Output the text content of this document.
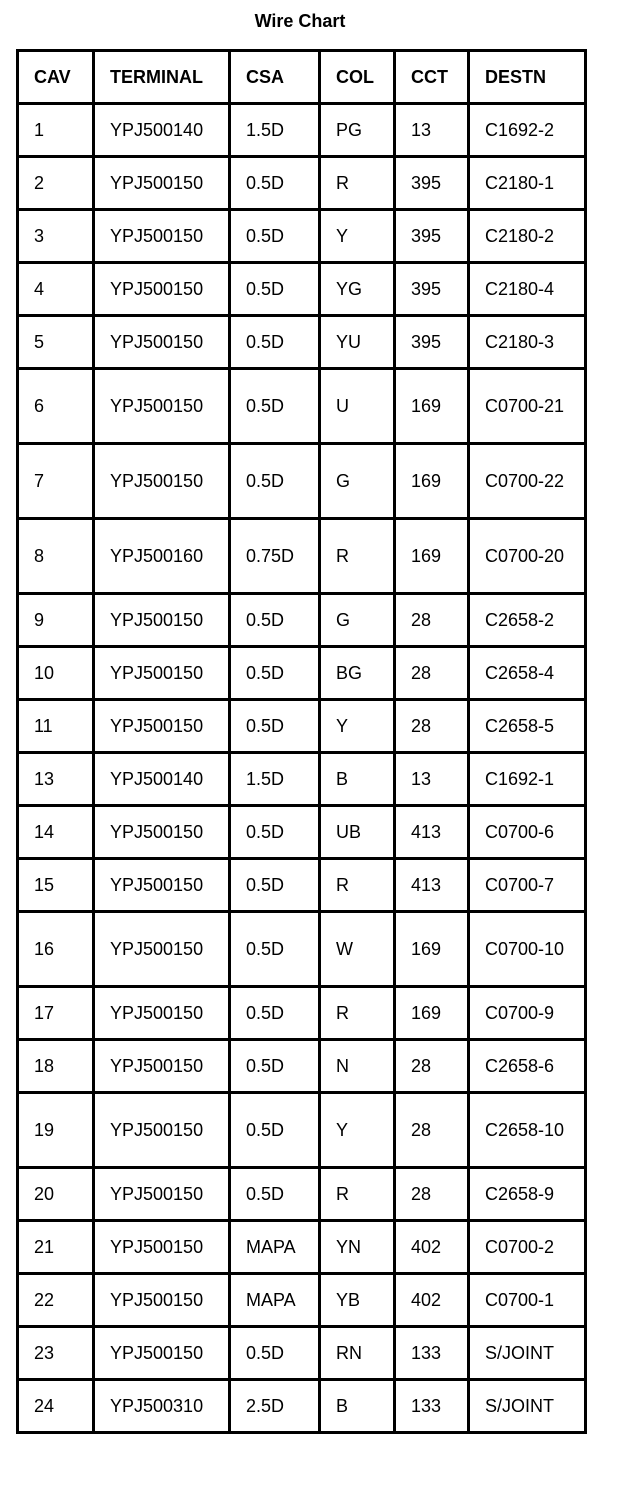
Wire Chart
CAV	TERMINAL	CSA	COL	CCT	DESTN
1	YPJ500140	1.5D	PG	13	C1692-2
2	YPJ500150	0.5D	R	395	C2180-1
3	YPJ500150	0.5D	Y	395	C2180-2
4	YPJ500150	0.5D	YG	395	C2180-4
5	YPJ500150	0.5D	YU	395	C2180-3
6	YPJ500150	0.5D	U	169	C0700-21
7	YPJ500150	0.5D	G	169	C0700-22
8	YPJ500160	0.75D	R	169	C0700-20
9	YPJ500150	0.5D	G	28	C2658-2
10	YPJ500150	0.5D	BG	28	C2658-4
11	YPJ500150	0.5D	Y	28	C2658-5
13	YPJ500140	1.5D	B	13	C1692-1
14	YPJ500150	0.5D	UB	413	C0700-6
15	YPJ500150	0.5D	R	413	C0700-7
16	YPJ500150	0.5D	W	169	C0700-10
17	YPJ500150	0.5D	R	169	C0700-9
18	YPJ500150	0.5D	N	28	C2658-6
19	YPJ500150	0.5D	Y	28	C2658-10
20	YPJ500150	0.5D	R	28	C2658-9
21	YPJ500150	MAPA	YN	402	C0700-2
22	YPJ500150	MAPA	YB	402	C0700-1
23	YPJ500150	0.5D	RN	133	S/JOINT
24	YPJ500310	2.5D	B	133	S/JOINT
